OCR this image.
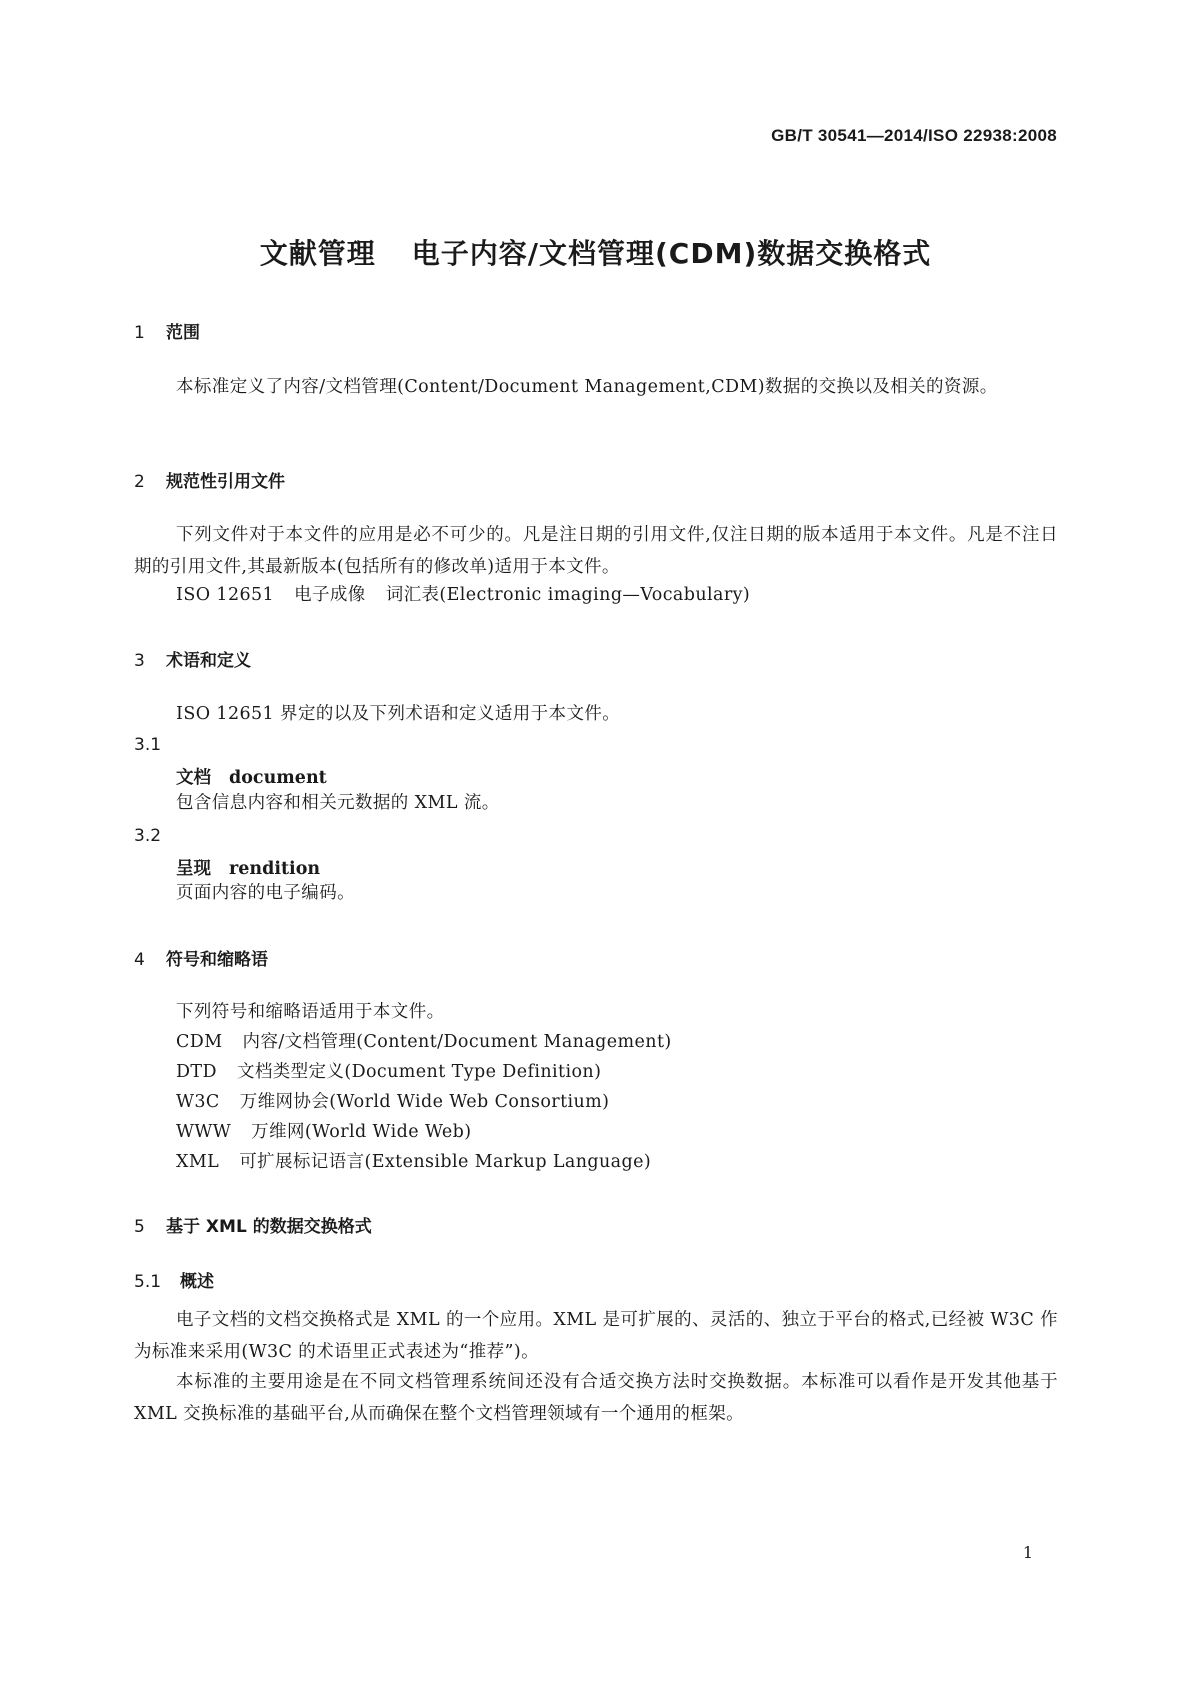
GB/T 30541—2014/ISO 22938:2008
文献管理 电子内容/文档管理(CDM)数据交换格式
1 范围
本标准定义了内容/文档管理(Content/Document Management,CDM)数据的交换以及相关的资源。
2 规范性引用文件
下列文件对于本文件的应用是必不可少的。凡是注日期的引用文件,仅注日期的版本适用于本文件。凡是不注日期的引用文件,其最新版本(包括所有的修改单)适用于本文件。
ISO 12651 电子成像 词汇表(Electronic imaging—Vocabulary)
3 术语和定义
ISO 12651 界定的以及下列术语和定义适用于本文件。
3.1
文档 document
包含信息内容和相关元数据的 XML 流。
3.2
呈现 rendition
页面内容的电子编码。
4 符号和缩略语
下列符号和缩略语适用于本文件。
CDM 内容/文档管理(Content/Document Management)
DTD 文档类型定义(Document Type Definition)
W3C 万维网协会(World Wide Web Consortium)
WWW 万维网(World Wide Web)
XML 可扩展标记语言(Extensible Markup Language)
5 基于 XML 的数据交换格式
5.1 概述
电子文档的文档交换格式是 XML 的一个应用。XML 是可扩展的、灵活的、独立于平台的格式,已经被 W3C 作为标准来采用(W3C 的术语里正式表述为“推荐”)。
本标准的主要用途是在不同文档管理系统间还没有合适交换方法时交换数据。本标准可以看作是开发其他基于 XML 交换标准的基础平台,从而确保在整个文档管理领域有一个通用的框架。
1
